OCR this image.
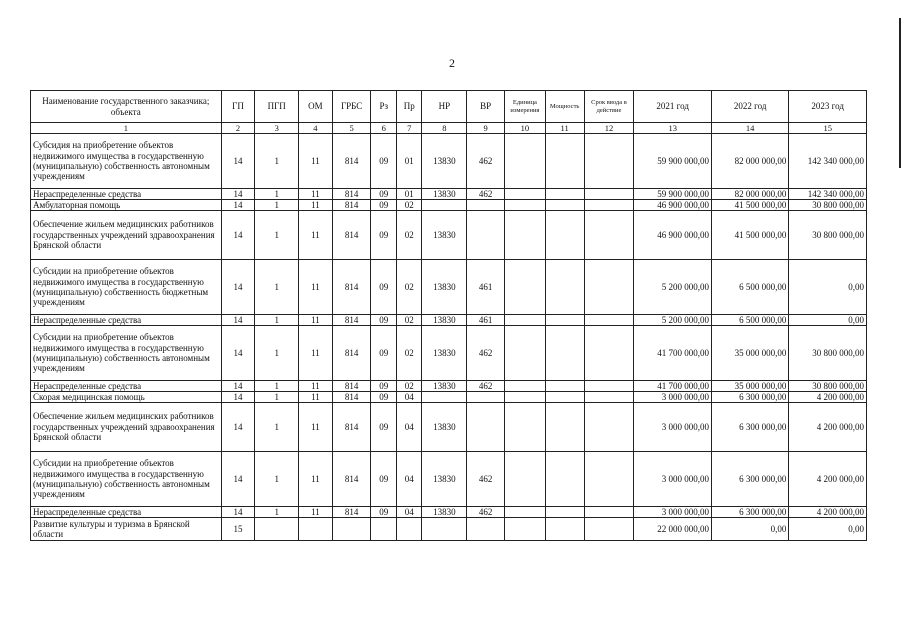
2
Наименование государственного заказчика; объекта	ГП	ПГП	ОМ	ГРБС	Рз	Пр	НР	ВР	Единица измерения	Мощность	Срок ввода в действие	2021 год	2022 год	2023 год
1	2	3	4	5	6	7	8	9	10	11	12	13	14	15
Субсидия на приобретение объектов недвижимого имущества в государственную (муниципальную) собственность автономным учреждениям	14	1	11	814	09	01	13830	462				59 900 000,00	82 000 000,00	142 340 000,00
Нераспределенные средства	14	1	11	814	09	01	13830	462				59 900 000,00	82 000 000,00	142 340 000,00
Амбулаторная помощь	14	1	11	814	09	02						46 900 000,00	41 500 000,00	30 800 000,00
Обеспечение жильем медицинских работников государственных учреждений здравоохранения Брянской области	14	1	11	814	09	02	13830					46 900 000,00	41 500 000,00	30 800 000,00
Субсидии на приобретение объектов недвижимого имущества в государственную (муниципальную) собственность бюджетным учреждениям	14	1	11	814	09	02	13830	461				5 200 000,00	6 500 000,00	0,00
Нераспределенные средства	14	1	11	814	09	02	13830	461				5 200 000,00	6 500 000,00	0,00
Субсидии на приобретение объектов недвижимого имущества в государственную (муниципальную) собственность автономным учреждениям	14	1	11	814	09	02	13830	462				41 700 000,00	35 000 000,00	30 800 000,00
Нераспределенные средства	14	1	11	814	09	02	13830	462				41 700 000,00	35 000 000,00	30 800 000,00
Скорая медицинская помощь	14	1	11	814	09	04						3 000 000,00	6 300 000,00	4 200 000,00
Обеспечение жильем медицинских работников государственных учреждений здравоохранения Брянской области	14	1	11	814	09	04	13830					3 000 000,00	6 300 000,00	4 200 000,00
Субсидии на приобретение объектов недвижимого имущества в государственную (муниципальную) собственность автономным учреждениям	14	1	11	814	09	04	13830	462				3 000 000,00	6 300 000,00	4 200 000,00
Нераспределенные средства	14	1	11	814	09	04	13830	462				3 000 000,00	6 300 000,00	4 200 000,00
Развитие культуры и туризма в Брянской области	15											22 000 000,00	0,00	0,00
